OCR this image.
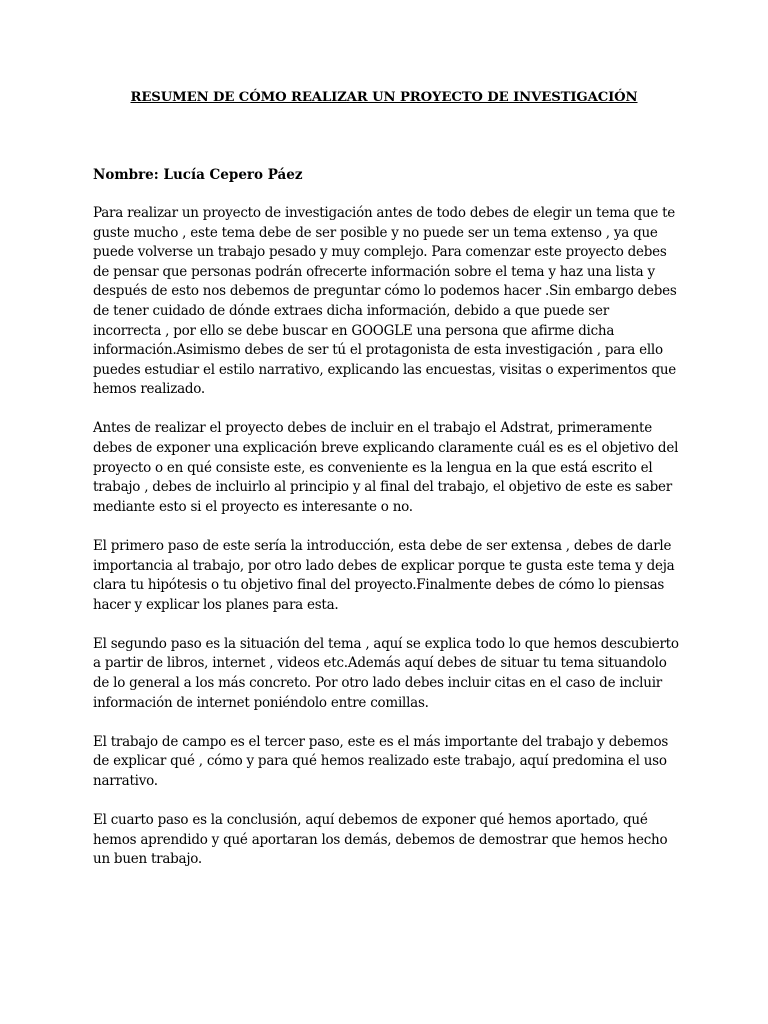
RESUMEN DE CÓMO REALIZAR UN PROYECTO DE INVESTIGACIÓN
Nombre: Lucía Cepero Páez
Para realizar un proyecto de investigación antes de todo debes de elegir un tema que te
guste mucho , este tema debe de ser posible y no puede ser un tema extenso , ya que
puede volverse un trabajo pesado y muy complejo. Para comenzar este proyecto debes
de pensar que personas podrán ofrecerte información sobre el tema y haz una lista y
después de esto nos debemos de preguntar cómo lo podemos hacer .Sin embargo debes
de tener cuidado de dónde extraes dicha información, debido a que puede ser
incorrecta , por ello se debe buscar en GOOGLE una persona que afirme dicha
información.Asimismo debes de ser tú el protagonista de esta investigación , para ello
puedes estudiar el estilo narrativo, explicando las encuestas, visitas o experimentos que
hemos realizado.
Antes de realizar el proyecto debes de incluir en el trabajo el Adstrat, primeramente
debes de exponer una explicación breve explicando claramente cuál es es el objetivo del
proyecto o en qué consiste este, es conveniente es la lengua en la que está escrito el
trabajo , debes de incluirlo al principio y al final del trabajo, el objetivo de este es saber
mediante esto si el proyecto es interesante o no.
El primero paso de este sería la introducción, esta debe de ser extensa , debes de darle
importancia al trabajo, por otro lado debes de explicar porque te gusta este tema y deja
clara tu hipótesis o tu objetivo final del proyecto.Finalmente debes de cómo lo piensas
hacer y explicar los planes para esta.
El segundo paso es la situación del tema , aquí se explica todo lo que hemos descubierto
a partir de libros, internet , videos etc.Además aquí debes de situar tu tema situandolo
de lo general a los más concreto. Por otro lado debes incluir citas en el caso de incluir
información de internet poniéndolo entre comillas.
El trabajo de campo es el tercer paso, este es el más importante del trabajo y debemos
de explicar qué , cómo y para qué hemos realizado este trabajo, aquí predomina el uso
narrativo.
El cuarto paso es la conclusión, aquí debemos de exponer qué hemos aportado, qué
hemos aprendido y qué aportaran los demás, debemos de demostrar que hemos hecho
un buen trabajo.
